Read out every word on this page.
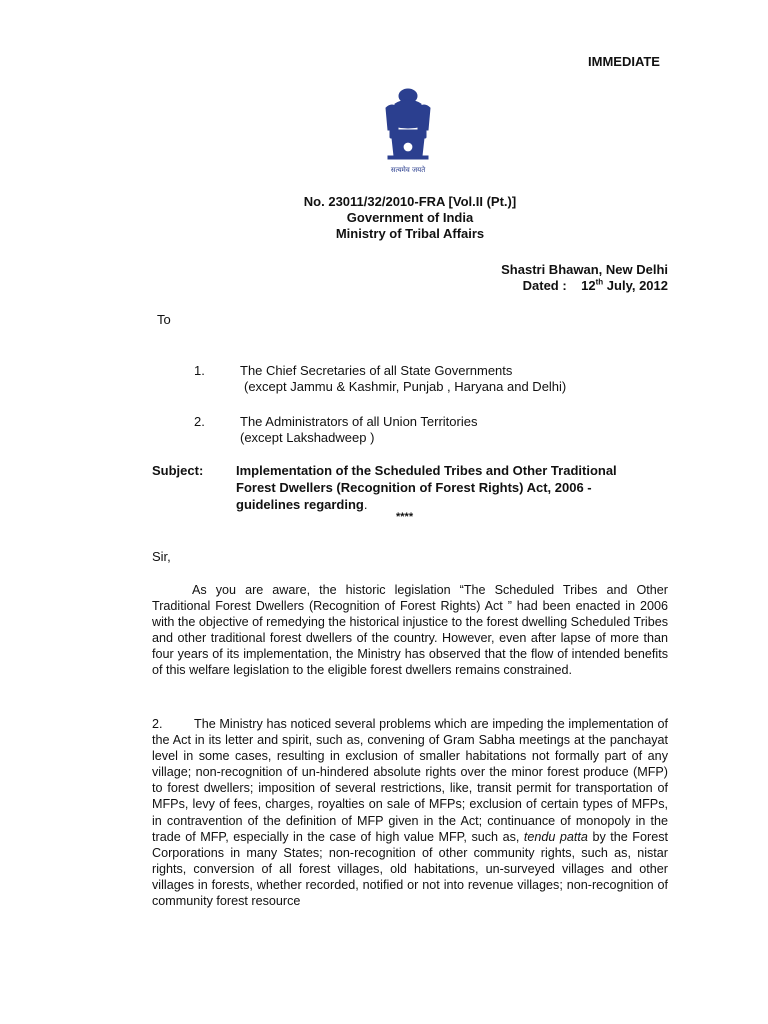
IMMEDIATE
सत्यमेव जयते
No. 23011/32/2010-FRA [Vol.II (Pt.)]
Government of India
Ministry of Tribal Affairs
Shastri Bhawan, New Delhi
Dated : 12th July, 2012
To
1.	The Chief Secretaries of all State Governments
(except Jammu & Kashmir, Punjab , Haryana and Delhi)
2.	The Administrators of all Union Territories
(except Lakshadweep )
Subject:	Implementation of the Scheduled Tribes and Other Traditional Forest Dwellers (Recognition of Forest Rights) Act, 2006 - guidelines regarding.
****
Sir,
As you are aware, the historic legislation “The Scheduled Tribes and Other Traditional Forest Dwellers (Recognition of Forest Rights) Act ” had been enacted in 2006 with the objective of remedying the historical injustice to the forest dwelling Scheduled Tribes and other traditional forest dwellers of the country. However, even after lapse of more than four years of its implementation, the Ministry has observed that the flow of intended benefits of this welfare legislation to the eligible forest dwellers remains constrained.
2. The Ministry has noticed several problems which are impeding the implementation of the Act in its letter and spirit, such as, convening of Gram Sabha meetings at the panchayat level in some cases, resulting in exclusion of smaller habitations not formally part of any village; non-recognition of un-hindered absolute rights over the minor forest produce (MFP) to forest dwellers; imposition of several restrictions, like, transit permit for transportation of MFPs, levy of fees, charges, royalties on sale of MFPs; exclusion of certain types of MFPs, in contravention of the definition of MFP given in the Act; continuance of monopoly in the trade of MFP, especially in the case of high value MFP, such as, tendu patta by the Forest Corporations in many States; non-recognition of other community rights, such as, nistar rights, conversion of all forest villages, old habitations, un-surveyed villages and other villages in forests, whether recorded, notified or not into revenue villages; non-recognition of community forest resource
